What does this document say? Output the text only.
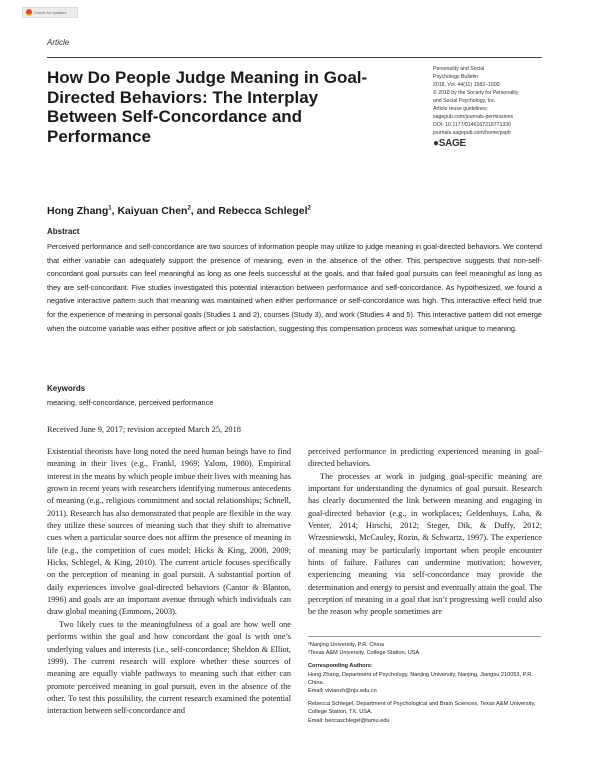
Check for updates
Article
How Do People Judge Meaning in Goal-Directed Behaviors: The Interplay Between Self-Concordance and Performance
Personality and Social
Psychology Bulletin
2018, Vol. 44(11) 1582–1600
© 2018 by the Society for Personality
and Social Psychology, Inc
Article reuse guidelines:
sagepub.com/journals-permissions
DOI: 10.1177/0146167218771330
journals.sagepub.com/home/pspb
●SAGE
Hong Zhang$^1$, Kaiyuan Chen$^2$, and Rebecca Schlegel$^2$
Abstract
Perceived performance and self-concordance are two sources of information people may utilize to judge meaning in goal-directed behaviors. We contend that either variable can adequately support the presence of meaning, even in the absence of the other. This perspective suggests that non-self-concordant goal pursuits can feel meaningful as long as one feels successful at the goals, and that failed goal pursuits can feel meaningful as long as they are self-concordant. Five studies investigated this potential interaction between performance and self-concordance. As hypothesized, we found a negative interactive pattern such that meaning was maintained when either performance or self-concordance was high. This interactive effect held true for the experience of meaning in personal goals (Studies 1 and 2), courses (Study 3), and work (Studies 4 and 5). This interactive pattern did not emerge when the outcome variable was either positive affect or job satisfaction, suggesting this compensation process was somewhat unique to meaning.
Keywords
meaning, self-concordance, perceived performance
Received June 9, 2017; revision accepted March 25, 2018

Existential theorists have long noted the need human beings have to find meaning in their lives (e.g., Frankl, 1969; Yalom, 1980). Empirical interest in the means by which people imbue their lives with meaning has grown in recent years with researchers identifying numerous antecedents of meaning (e.g., religious commitment and social relationships; Schnell, 2011). Research has also demonstrated that people are flexible in the way they utilize these sources of meaning such that they shift to alternative cues when a particular source does not affirm the presence of meaning in life (e.g., the competition of cues model; Hicks & King, 2008, 2009; Hicks, Schlegel, & King, 2010). The current article focuses specifically on the perception of meaning in goal pursuit. A substantial portion of daily experiences involve goal-directed behaviors (Cantor & Blanton, 1996) and goals are an important avenue through which individuals can draw global meaning (Emmons, 2003).

Two likely cues to the meaningfulness of a goal are how well one performs within the goal and how concordant the goal is with one’s underlying values and interests (i.e., self-concordance; Sheldon & Elliot, 1999). The current research will explore whether these sources of meaning are equally viable pathways to meaning such that either can promote perceived meaning in goal pursuit, even in the absence of the other. To test this possibility, the current research examined the potential interaction between self-concordance and

perceived performance in predicting experienced meaning in goal-directed behaviors.

The processes at work in judging goal-specific meaning are important for understanding the dynamics of goal pursuit. Research has clearly documented the link between meaning and engaging in goal-directed behavior (e.g., in workplaces; Geldenhuys, Laba, & Venter, 2014; Hirschi, 2012; Steger, Dik, & Duffy, 2012; Wrzesniewski, McCauley, Rozin, & Schwartz, 1997). The experience of meaning may be particularly important when people encounter hints of failure. Failures can undermine motivation; however, experiencing meaning via self-concordance may provide the determination and energy to persist and eventually attain the goal. The perception of meaning in a goal that isn’t progressing well could also be the reason why people sometimes are

¹Nanjing University, P.R. China
²Texas A&M University, College Station, USA
Corresponding Authors:
Hong Zhang, Department of Psychology, Nanjing University, Nanjing, Jiangsu 210053, P.R. China.
Email: vivianzh@nju.edu.cn
Rebecca Schlegel, Department of Psychological and Brain Sciences, Texas A&M University, College Station, TX, USA.
Email: beccaschlegel@tamu.edu
